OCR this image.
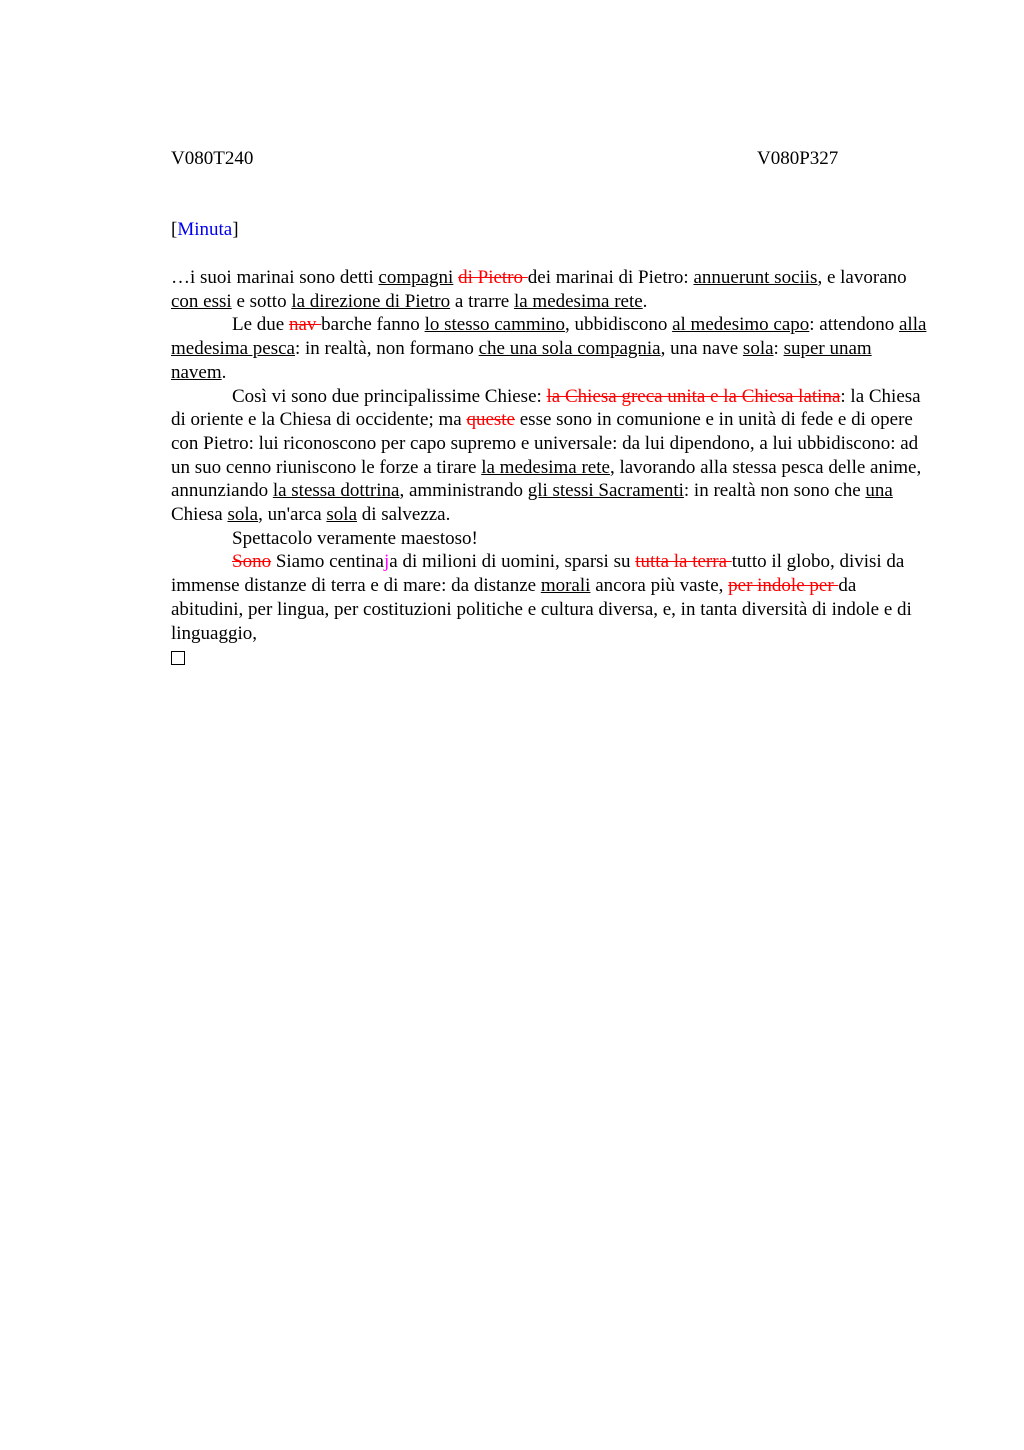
V080T240	V080P327
[Minuta]

…i suoi marinai sono detti compagni di Pietro dei marinai di Pietro: annuerunt sociis, e lavorano con essi e sotto la direzione di Pietro a trarre la medesima rete.

Le due nav barche fanno lo stesso cammino, ubbidiscono al medesimo capo: attendono alla medesima pesca: in realtà, non formano che una sola compagnia, una nave sola: super unam navem.

Così vi sono due principalissime Chiese: la Chiesa greca unita e la Chiesa latina: la Chiesa di oriente e la Chiesa di occidente; ma queste esse sono in comunione e in unità di fede e di opere con Pietro: lui riconoscono per capo supremo e universale: da lui dipendono, a lui ubbidiscono: ad un suo cenno riuniscono le forze a tirare la medesima rete, lavorando alla stessa pesca delle anime, annunziando la stessa dottrina, amministrando gli stessi Sacramenti: in realtà non sono che una Chiesa sola, un'arca sola di salvezza.

Spettacolo veramente maestoso!

Sono Siamo centinaja di milioni di uomini, sparsi su tutta la terra tutto il globo, divisi da immense distanze di terra e di mare: da distanze morali ancora più vaste, per indole per da abitudini, per lingua, per costituzioni politiche e cultura diversa, e, in tanta diversità di indole e di linguaggio,
